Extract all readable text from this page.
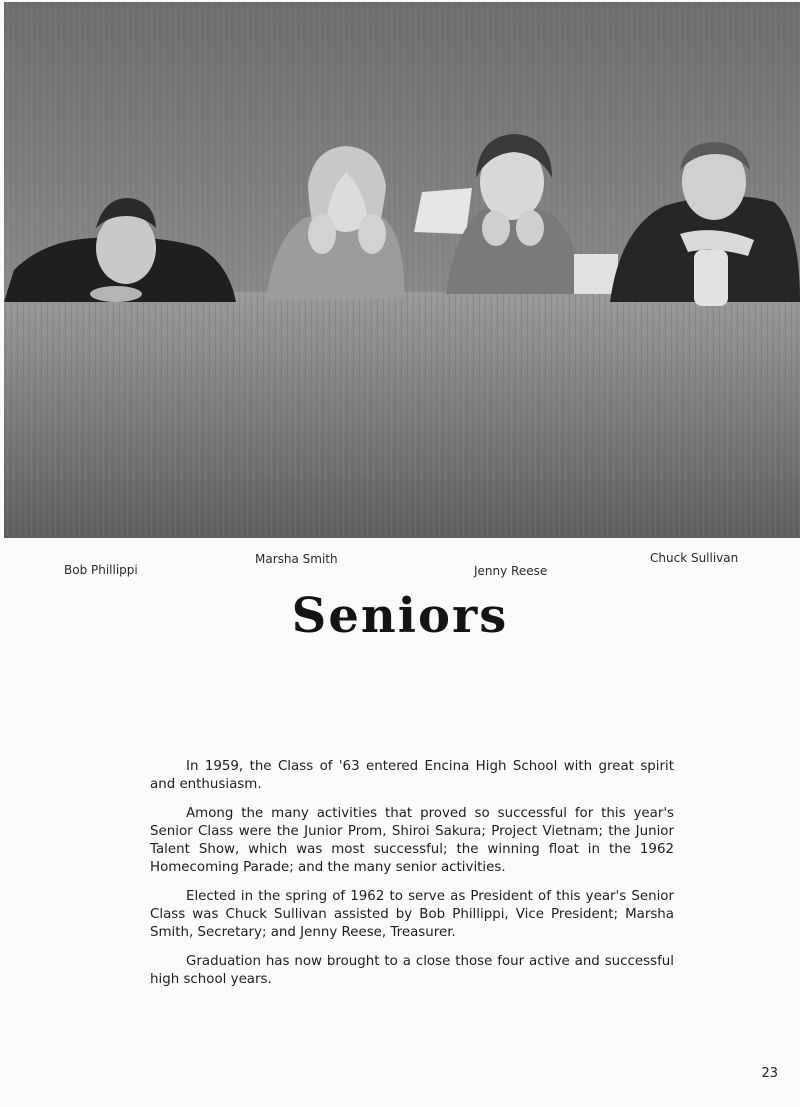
Bob Phillippi
Marsha Smith
Jenny Reese
Chuck Sullivan
Seniors

In 1959, the Class of '63 entered Encina High School with great spirit and enthusiasm.

Among the many activities that proved so successful for this year's Senior Class were the Junior Prom, Shiroi Sakura; Project Vietnam; the Junior Talent Show, which was most successful; the winning float in the 1962 Homecoming Parade; and the many senior activities.

Elected in the spring of 1962 to serve as President of this year's Senior Class was Chuck Sullivan assisted by Bob Phillippi, Vice President; Marsha Smith, Secretary; and Jenny Reese, Treasurer.

Graduation has now brought to a close those four active and successful high school years.

23
